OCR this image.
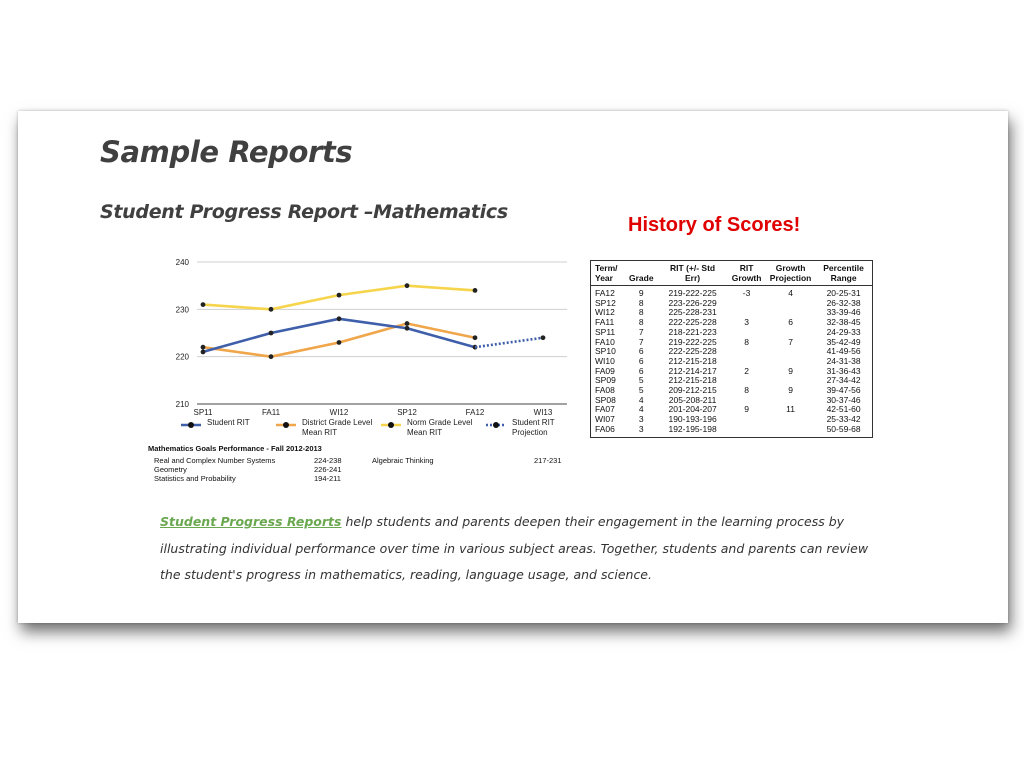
Sample Reports
Student Progress Report –Mathematics
History of Scores!
210
220
230
240
SP11	FA11	WI12	SP12	FA12	WI13
Student RIT	District Grade Level Mean RIT
Norm Grade Level Mean RIT
Student RIT Projection
Mathematics Goals Performance - Fall 2012-2013
Real and Complex Number Systems	224-238	Algebraic Thinking	217-231
Geometry	226-241		
Statistics and Probability	194-211		
Term/ Year	Grade	RIT (+/- Std Err)	RIT Growth	Growth Projection	Percentile Range
FA12	9	219-222-225	-3	4	20-25-31
SP12	8	223-226-229			26-32-38
WI12	8	225-228-231			33-39-46
FA11	8	222-225-228	3	6	32-38-45
SP11	7	218-221-223			24-29-33
FA10	7	219-222-225	8	7	35-42-49
SP10	6	222-225-228			41-49-56
WI10	6	212-215-218			24-31-38
FA09	6	212-214-217	2	9	31-36-43
SP09	5	212-215-218			27-34-42
FA08	5	209-212-215	8	9	39-47-56
SP08	4	205-208-211			30-37-46
FA07	4	201-204-207	9	11	42-51-60
WI07	3	190-193-196			25-33-42
FA06	3	192-195-198			50-59-68
Student Progress Reports help students and parents deepen their engagement in the learning process by illustrating individual performance over time in various subject areas. Together, students and parents can review the student's progress in mathematics, reading, language usage, and science.
